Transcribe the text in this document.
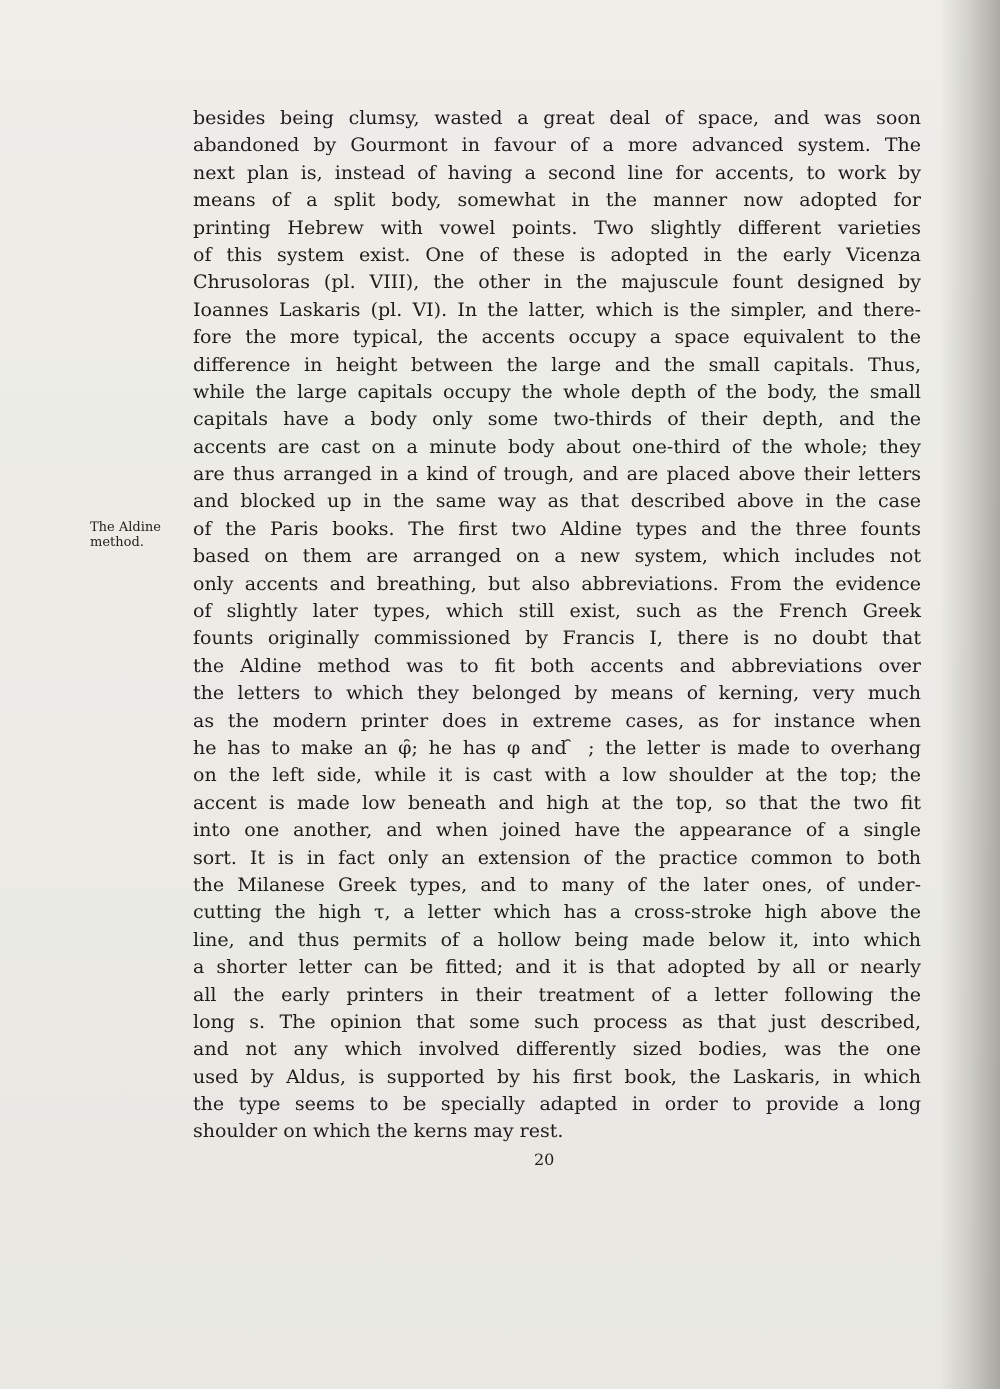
The Aldine
method.
besides being clumsy, wasted a great deal of space, and was soon
abandoned by Gourmont in favour of a more advanced system. The
next plan is, instead of having a second line for accents, to work by
means of a split body, somewhat in the manner now adopted for
printing Hebrew with vowel points. Two slightly different varieties
of this system exist. One of these is adopted in the early Vicenza
Chrusoloras (pl. VIII), the other in the majuscule fount designed by
Ioannes Laskaris (pl. VI). In the latter, which is the simpler, and there-
fore the more typical, the accents occupy a space equivalent to the
difference in height between the large and the small capitals. Thus,
while the large capitals occupy the whole depth of the body, the small
capitals have a body only some two-thirds of their depth, and the
accents are cast on a minute body about one-third of the whole; they
are thus arranged in a kind of trough, and are placed above their letters
and blocked up in the same way as that described above in the case
of the Paris books. The first two Aldine types and the three founts
based on them are arranged on a new system, which includes not
only accents and breathing, but also abbreviations. From the evidence
of slightly later types, which still exist, such as the French Greek
founts originally commissioned by Francis I, there is no doubt that
the Aldine method was to fit both accents and abbreviations over
the letters to which they belonged by means of kerning, very much
as the modern printer does in extreme cases, as for instance when
he has to make an φ̑; he has φ and ̑ ; the letter is made to overhang
on the left side, while it is cast with a low shoulder at the top; the
accent is made low beneath and high at the top, so that the two fit
into one another, and when joined have the appearance of a single
sort. It is in fact only an extension of the practice common to both
the Milanese Greek types, and to many of the later ones, of under-
cutting the high τ, a letter which has a cross-stroke high above the
line, and thus permits of a hollow being made below it, into which
a shorter letter can be fitted; and it is that adopted by all or nearly
all the early printers in their treatment of a letter following the
long s. The opinion that some such process as that just described,
and not any which involved differently sized bodies, was the one
used by Aldus, is supported by his first book, the Laskaris, in which
the type seems to be specially adapted in order to provide a long
shoulder on which the kerns may rest.
20
